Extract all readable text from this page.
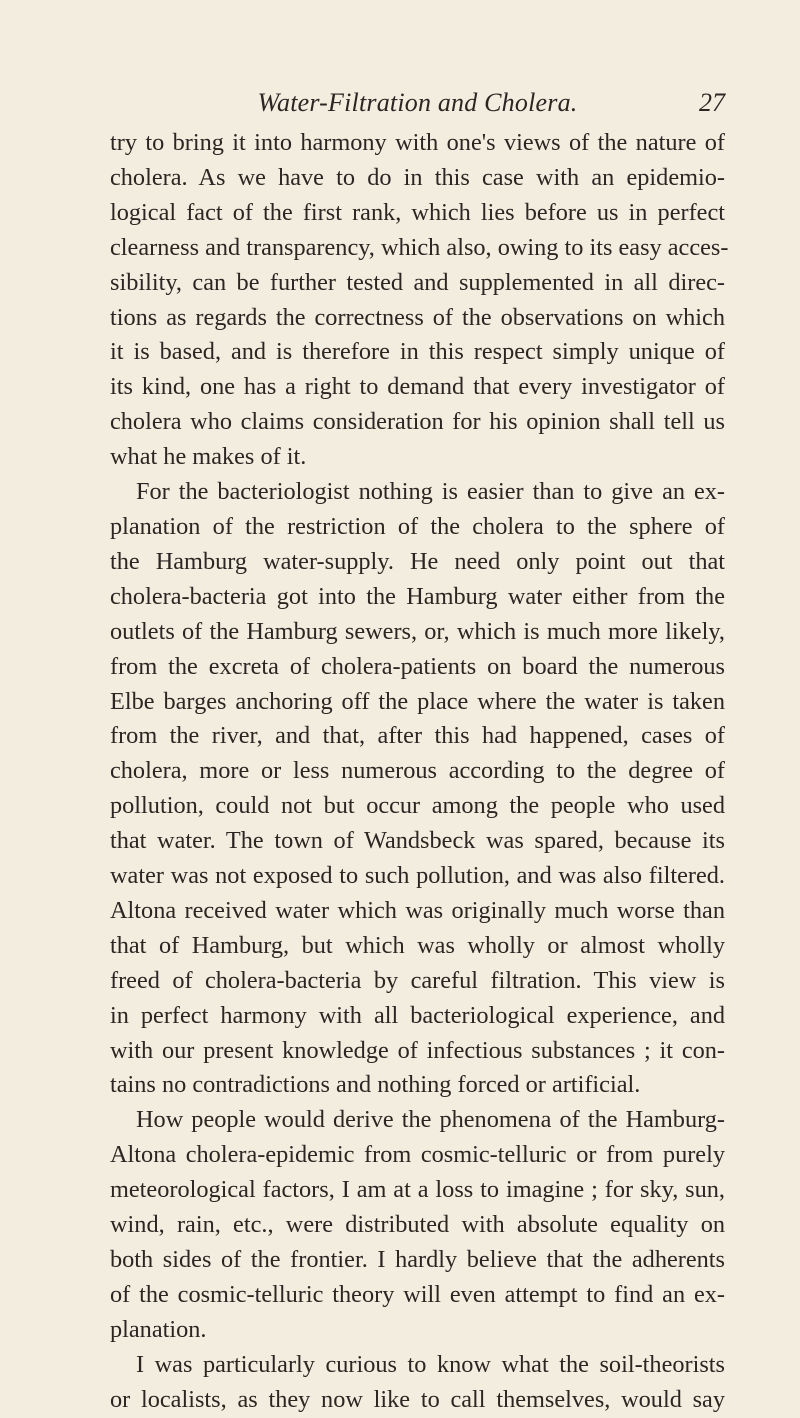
Water-Filtration and Cholera.	27

try to bring it into harmony with one's views of the nature of
cholera. As we have to do in this case with an epidemio-
logical fact of the first rank, which lies before us in perfect
clearness and transparency, which also, owing to its easy acces-
sibility, can be further tested and supplemented in all direc-
tions as regards the correctness of the observations on which
it is based, and is therefore in this respect simply unique of
its kind, one has a right to demand that every investigator of
cholera who claims consideration for his opinion shall tell us
what he makes of it.

For the bacteriologist nothing is easier than to give an ex-
planation of the restriction of the cholera to the sphere of
the Hamburg water-supply. He need only point out that
cholera-bacteria got into the Hamburg water either from the
outlets of the Hamburg sewers, or, which is much more likely,
from the excreta of cholera-patients on board the numerous
Elbe barges anchoring off the place where the water is taken
from the river, and that, after this had happened, cases of
cholera, more or less numerous according to the degree of
pollution, could not but occur among the people who used
that water. The town of Wandsbeck was spared, because its
water was not exposed to such pollution, and was also filtered.
Altona received water which was originally much worse than
that of Hamburg, but which was wholly or almost wholly
freed of cholera-bacteria by careful filtration. This view is
in perfect harmony with all bacteriological experience, and
with our present knowledge of infectious substances ; it con-
tains no contradictions and nothing forced or artificial.

How people would derive the phenomena of the Hamburg-
Altona cholera-epidemic from cosmic-telluric or from purely
meteorological factors, I am at a loss to imagine ; for sky, sun,
wind, rain, etc., were distributed with absolute equality on
both sides of the frontier. I hardly believe that the adherents
of the cosmic-telluric theory will even attempt to find an ex-
planation.

I was particularly curious to know what the soil-theorists
or localists, as they now like to call themselves, would say
